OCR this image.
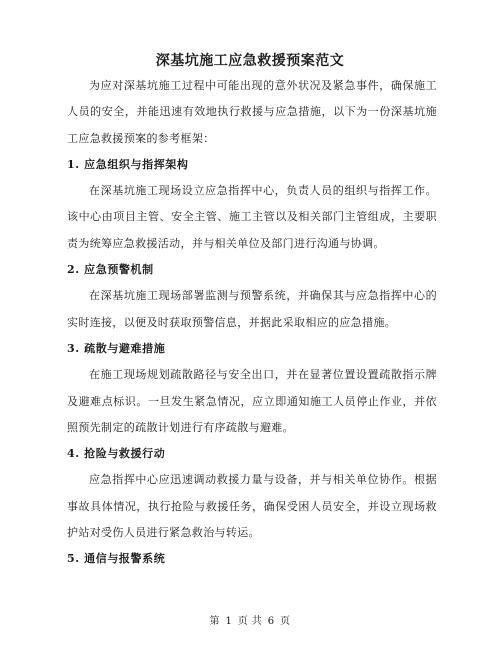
深基坑施工应急救援预案范文

为应对深基坑施工过程中可能出现的意外状况及紧急事件，确保施工人员的安全，并能迅速有效地执行救援与应急措施，以下为一份深基坑施工应急救援预案的参考框架：

1. 应急组织与指挥架构

在深基坑施工现场设立应急指挥中心，负责人员的组织与指挥工作。该中心由项目主管、安全主管、施工主管以及相关部门主管组成，主要职责为统筹应急救援活动，并与相关单位及部门进行沟通与协调。

2. 应急预警机制

在深基坑施工现场部署监测与预警系统，并确保其与应急指挥中心的实时连接，以便及时获取预警信息，并据此采取相应的应急措施。

3. 疏散与避难措施

在施工现场规划疏散路径与安全出口，并在显著位置设置疏散指示牌及避难点标识。一旦发生紧急情况，应立即通知施工人员停止作业，并依照预先制定的疏散计划进行有序疏散与避难。

4. 抢险与救援行动

应急指挥中心应迅速调动救援力量与设备，并与相关单位协作。根据事故具体情况，执行抢险与救援任务，确保受困人员安全，并设立现场救护站对受伤人员进行紧急救治与转运。

5. 通信与报警系统
第 1 页 共 6 页
